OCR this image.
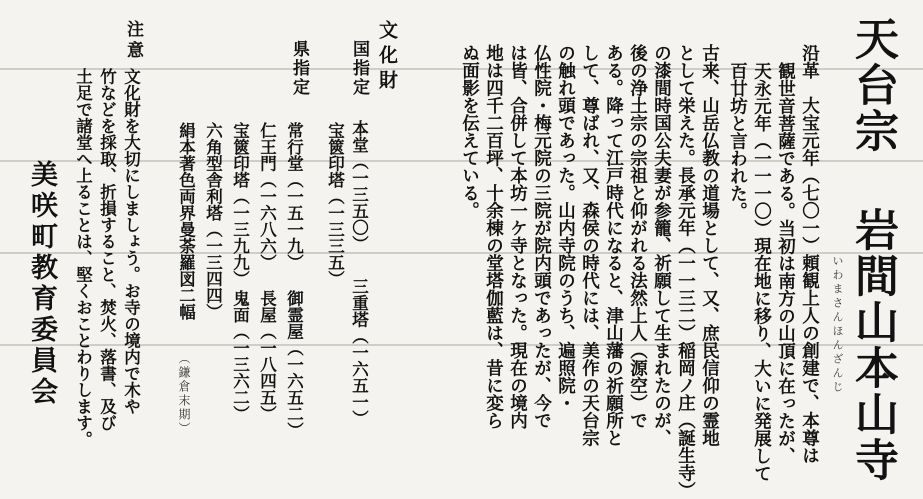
天台宗 岩間山本山寺
いわまさんほんざんじ
沿革　大宝元年（七〇一）頼観上人の創建で、本尊は
観世音菩薩である。当初は南方の山頂に在ったが、
天永元年（一一一〇）現在地に移り、大いに発展して
百廿坊と言われた。
古来、山岳仏教の道場として、又、庶民信仰の霊地
として栄えた。長承元年（一一三二）稲岡ノ庄（誕生寺）
の漆間時国公夫妻が参籠、祈願して生まれたのが、
後の浄土宗の宗祖と仰がれる法然上人（源空）で
ある。降って江戸時代になると、津山藩の祈願所と
して、尊ばれ、又、森侯の時代には、美作の天台宗
の触れ頭であった。山内寺院のうち、遍照院・
仏性院・梅元院の三院が院内頭であったが、今で
は皆、合併して本坊一ケ寺となった。現在の境内
地は四千二百坪、十余棟の堂塔伽藍は、昔に変ら
ぬ面影を伝えている。
文化財
国指定
本堂（一三五〇）
宝篋印塔（一三三五）
三重塔（一六五一）
県指定
常行堂（一五一九）
御霊屋（一六五二）
仁王門（一六八六）
長屋（一八四五）
宝篋印塔（一三九九）
鬼面（一三六二）
六角型舎利塔（一三四四）
絹本著色両界曼荼羅図二幅
（鎌倉末期）
注意
文化財を大切にしましょう。お寺の境内で木や
竹などを採取、折損すること、焚火、落書、及び
土足で諸堂へ上ることは、堅くおことわりします。
美咲町教育委員会
